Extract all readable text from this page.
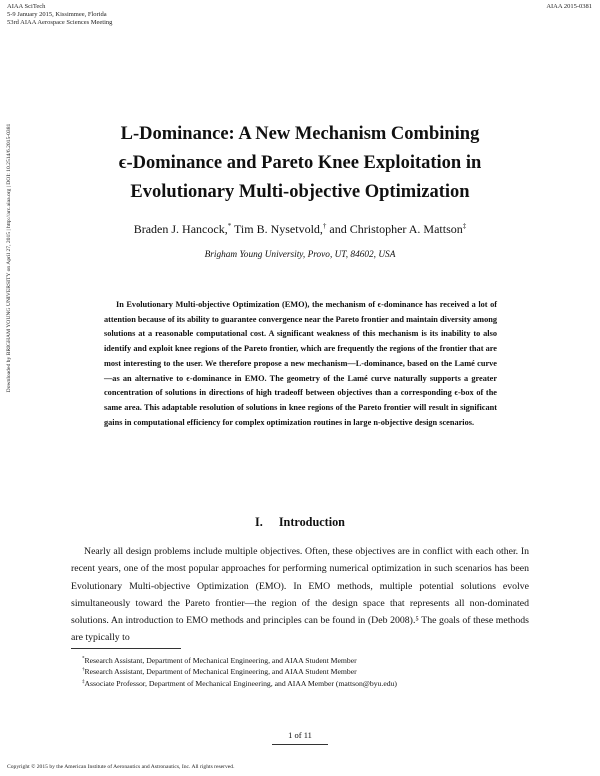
AIAA SciTech
5-9 January 2015, Kissimmee, Florida
53rd AIAA Aerospace Sciences Meeting
AIAA 2015-0381
Downloaded by BRIGHAM YOUNG UNIVERSITY on April 27, 2015 | http://arc.aiaa.org | DOI: 10.2514/6.2015-0381	L-Dominance: A New Mechanism Combining
ϵ-Dominance and Pareto Knee Exploitation in
Evolutionary Multi-objective Optimization
Braden J. Hancock,* Tim B. Nysetvold,† and Christopher A. Mattson‡
Brigham Young University, Provo, UT, 84602, USA
In Evolutionary Multi-objective Optimization (EMO), the mechanism of ϵ-dominance has received a lot of attention because of its ability to guarantee convergence near the Pareto frontier and maintain diversity among solutions at a reasonable computational cost. A significant weakness of this mechanism is its inability to also identify and exploit knee regions of the Pareto frontier, which are frequently the regions of the frontier that are most interesting to the user. We therefore propose a new mechanism—L-dominance, based on the Lamé curve—as an alternative to ϵ-dominance in EMO. The geometry of the Lamé curve naturally supports a greater concentration of solutions in directions of high tradeoff between objectives than a corresponding ϵ-box of the same area. This adaptable resolution of solutions in knee regions of the Pareto frontier will result in significant gains in computational efficiency for complex optimization routines in large n-objective design scenarios.
I. Introduction
Nearly all design problems include multiple objectives. Often, these objectives are in conflict with each other. In recent years, one of the most popular approaches for performing numerical optimization in such scenarios has been Evolutionary Multi-objective Optimization (EMO). In EMO methods, multiple potential solutions evolve simultaneously toward the Pareto frontier—the region of the design space that represents all non-dominated solutions. An introduction to EMO methods and principles can be found in (Deb 2008).⁵ The goals of these methods are typically to
*Research Assistant, Department of Mechanical Engineering, and AIAA Student Member
†Research Assistant, Department of Mechanical Engineering, and AIAA Student Member
‡Associate Professor, Department of Mechanical Engineering, and AIAA Member (mattson@byu.edu)
1 of 11
Copyright © 2015 by the American Institute of Aeronautics and Astronautics, Inc. All rights reserved.
